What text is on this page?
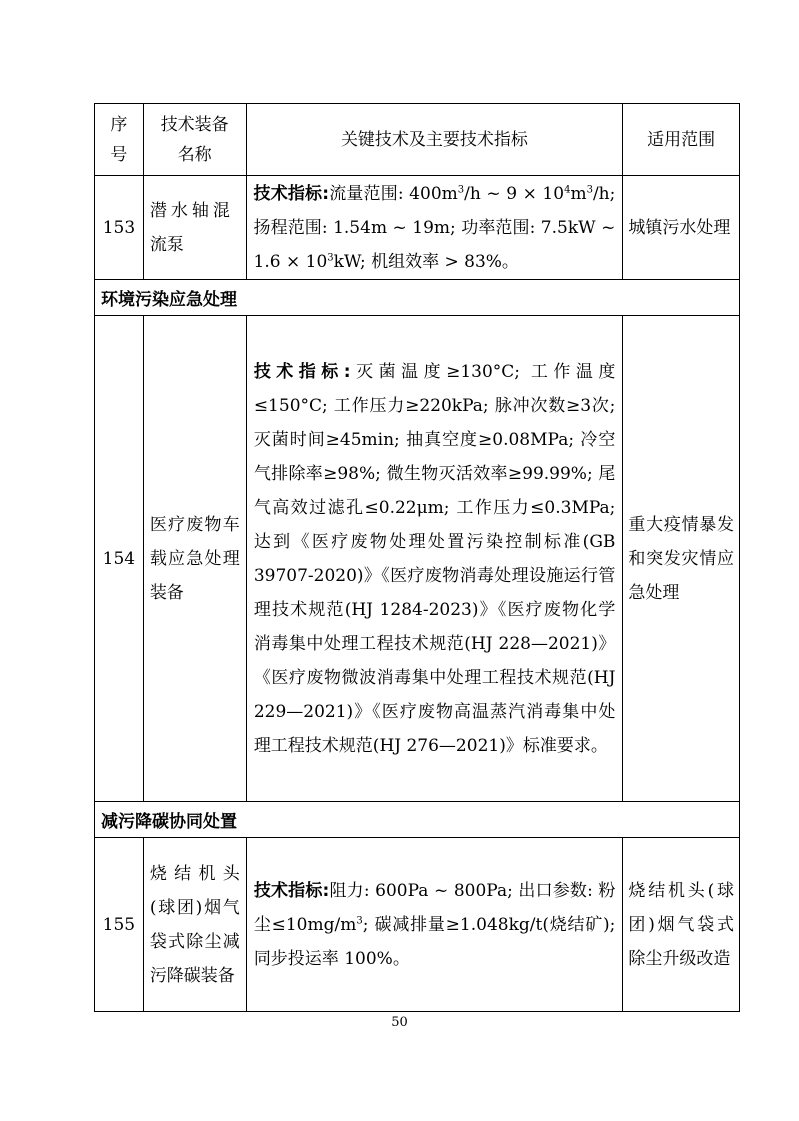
序号
技术装备名称
关键技术及主要技术指标	适用范围
153
潜水轴混流泵
技术指标:流量范围: $400m^3/h$ ~ $9 \times 10^4m^3/h$; 扬程范围: 1.54m ~ 19m; 功率范围: 7.5kW ~ $1.6 \times 10^3kW$; 机组效率 > 83%。
城镇污水处理
环境污染应急处理
154
医疗废物车载应急处理装备
技术指标:灭菌温度≥130°C; 工作温度≤150°C; 工作压力≥220kPa; 脉冲次数≥3次; 灭菌时间≥45min; 抽真空度≥0.08MPa; 冷空气排除率≥98%; 微生物灭活效率≥99.99%; 尾气高效过滤孔≤0.22μm; 工作压力≤0.3MPa; 达到《医疗废物处理处置污染控制标准(GB 39707-2020)》《医疗废物消毒处理设施运行管理技术规范(HJ 1284-2023)》《医疗废物化学消毒集中处理工程技术规范(HJ 228—2021)》《医疗废物微波消毒集中处理工程技术规范(HJ 229—2021)》《医疗废物高温蒸汽消毒集中处理工程技术规范(HJ 276—2021)》标准要求。
重大疫情暴发和突发灾情应急处理
减污降碳协同处置
155
烧结机头(球团)烟气袋式除尘减污降碳装备
技术指标:阻力: 600Pa ~ 800Pa; 出口参数: 粉尘$\le 10mg/m^3$; 碳减排量≥1.048kg/t(烧结矿); 同步投运率 100%。
烧结机头(球团)烟气袋式除尘升级改造
50
